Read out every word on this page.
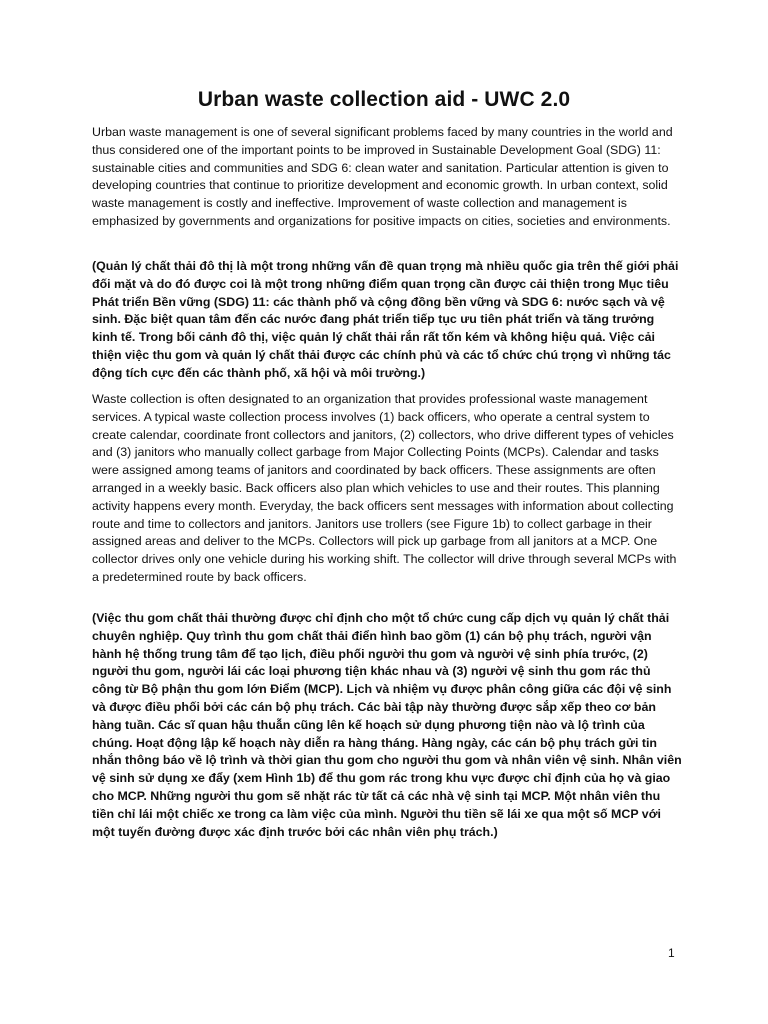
Urban waste collection aid - UWC 2.0

Urban waste management is one of several significant problems faced by many countries in the world and thus considered one of the important points to be improved in Sustainable Development Goal (SDG) 11: sustainable cities and communities and SDG 6: clean water and sanitation. Particular attention is given to developing countries that continue to prioritize development and economic growth. In urban context, solid waste management is costly and ineffective. Improvement of waste collection and management is emphasized by governments and organizations for positive impacts on cities, societies and environments.

(Quản lý chất thải đô thị là một trong những vấn đề quan trọng mà nhiều quốc gia trên thế giới phải đối mặt và do đó được coi là một trong những điểm quan trọng cần được cải thiện trong Mục tiêu Phát triển Bền vững (SDG) 11: các thành phố và cộng đồng bền vững và SDG 6: nước sạch và vệ sinh. Đặc biệt quan tâm đến các nước đang phát triển tiếp tục ưu tiên phát triển và tăng trưởng kinh tế. Trong bối cảnh đô thị, việc quản lý chất thải rắn rất tốn kém và không hiệu quả. Việc cải thiện việc thu gom và quản lý chất thải được các chính phủ và các tổ chức chú trọng vì những tác động tích cực đến các thành phố, xã hội và môi trường.)

Waste collection is often designated to an organization that provides professional waste management services. A typical waste collection process involves (1) back officers, who operate a central system to create calendar, coordinate front collectors and janitors, (2) collectors, who drive different types of vehicles and (3) janitors who manually collect garbage from Major Collecting Points (MCPs). Calendar and tasks were assigned among teams of janitors and coordinated by back officers. These assignments are often arranged in a weekly basic. Back officers also plan which vehicles to use and their routes. This planning activity happens every month. Everyday, the back officers sent messages with information about collecting route and time to collectors and janitors. Janitors use trollers (see Figure 1b) to collect garbage in their assigned areas and deliver to the MCPs. Collectors will pick up garbage from all janitors at a MCP. One collector drives only one vehicle during his working shift. The collector will drive through several MCPs with a predetermined route by back officers.

(Việc thu gom chất thải thường được chỉ định cho một tổ chức cung cấp dịch vụ quản lý chất thải chuyên nghiệp. Quy trình thu gom chất thải điển hình bao gồm (1) cán bộ phụ trách, người vận hành hệ thống trung tâm để tạo lịch, điều phối người thu gom và người vệ sinh phía trước, (2) người thu gom, người lái các loại phương tiện khác nhau và (3) người vệ sinh thu gom rác thủ công từ Bộ phận thu gom lớn Điểm (MCP). Lịch và nhiệm vụ được phân công giữa các đội vệ sinh và được điều phối bởi các cán bộ phụ trách. Các bài tập này thường được sắp xếp theo cơ bản hàng tuần. Các sĩ quan hậu thuẫn cũng lên kế hoạch sử dụng phương tiện nào và lộ trình của chúng. Hoạt động lập kế hoạch này diễn ra hàng tháng. Hàng ngày, các cán bộ phụ trách gửi tin nhắn thông báo về lộ trình và thời gian thu gom cho người thu gom và nhân viên vệ sinh. Nhân viên vệ sinh sử dụng xe đẩy (xem Hình 1b) để thu gom rác trong khu vực được chỉ định của họ và giao cho MCP. Những người thu gom sẽ nhặt rác từ tất cả các nhà vệ sinh tại MCP. Một nhân viên thu tiền chỉ lái một chiếc xe trong ca làm việc của mình. Người thu tiền sẽ lái xe qua một số MCP với một tuyến đường được xác định trước bởi các nhân viên phụ trách.)

1
